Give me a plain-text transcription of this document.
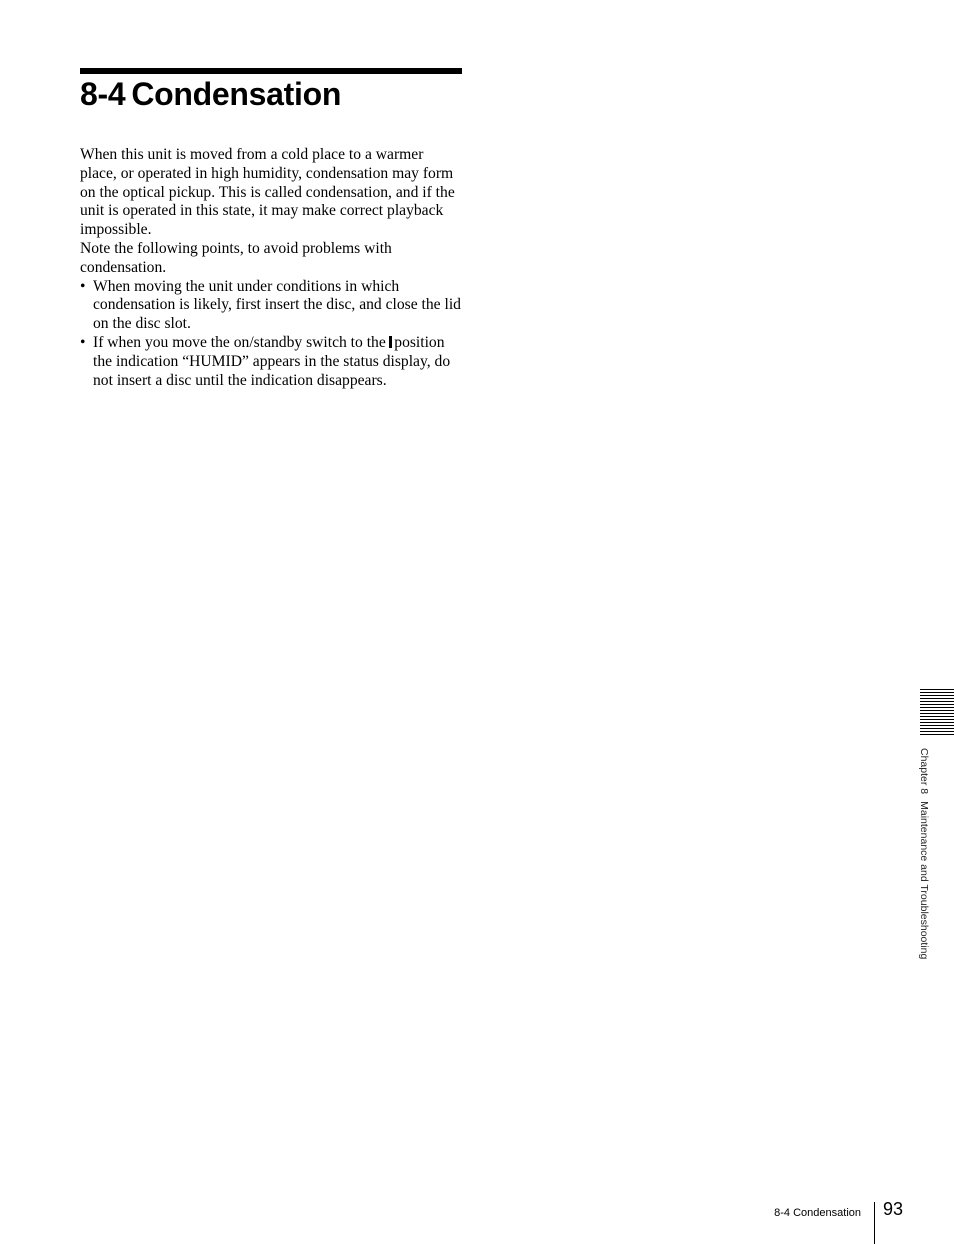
8-4 Condensation

When this unit is moved from a cold place to a warmer place, or operated in high humidity, condensation may form on the optical pickup. This is called condensation, and if the unit is operated in this state, it may make correct playback impossible.

Note the following points, to avoid problems with condensation.

• When moving the unit under conditions in which condensation is likely, first insert the disc, and close the lid on the disc slot.
• If when you move the on/standby switch to the position the indication “HUMID” appears in the status display, do not insert a disc until the indication disappears.
Chapter 8Maintenance and Troubleshooting
8-4 Condensation 93
